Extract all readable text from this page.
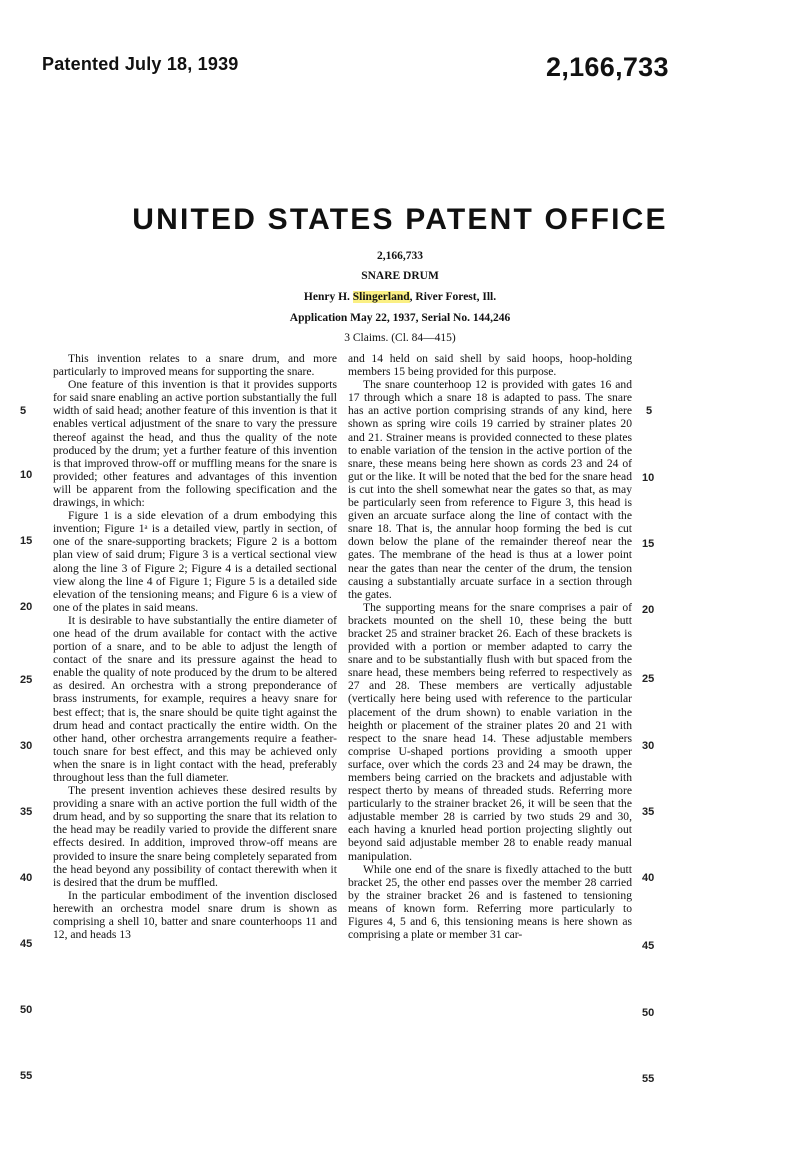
Patented July 18, 1939	2,166,733
UNITED STATES PATENT OFFICE
2,166,733
SNARE DRUM
Henry H. Slingerland, River Forest, Ill.
Application May 22, 1937, Serial No. 144,246
3 Claims. (Cl. 84—415)

This invention relates to a snare drum, and more particularly to improved means for supporting the snare.

One feature of this invention is that it provides supports for said snare enabling an active portion substantially the full width of said head; another feature of this invention is that it enables vertical adjustment of the snare to vary the pressure thereof against the head, and thus the quality of the note produced by the drum; yet a further feature of this invention is that improved throw-off or muffling means for the snare is provided; other features and advantages of this invention will be apparent from the following specification and the drawings, in which:

Figure 1 is a side elevation of a drum embodying this invention; Figure 1ᵃ is a detailed view, partly in section, of one of the snare-supporting brackets; Figure 2 is a bottom plan view of said drum; Figure 3 is a vertical sectional view along the line 3 of Figure 2; Figure 4 is a detailed sectional view along the line 4 of Figure 1; Figure 5 is a detailed side elevation of the tensioning means; and Figure 6 is a view of one of the plates in said means.

It is desirable to have substantially the entire diameter of one head of the drum available for contact with the active portion of a snare, and to be able to adjust the length of contact of the snare and its pressure against the head to enable the quality of note produced by the drum to be altered as desired. An orchestra with a strong preponderance of brass instruments, for example, requires a heavy snare for best effect; that is, the snare should be quite tight against the drum head and contact practically the entire width. On the other hand, other orchestra arrangements require a feather-touch snare for best effect, and this may be achieved only when the snare is in light contact with the head, preferably throughout less than the full diameter.

The present invention achieves these desired results by providing a snare with an active portion the full width of the drum head, and by so supporting the snare that its relation to the head may be readily varied to provide the different snare effects desired. In addition, improved throw-off means are provided to insure the snare being completely separated from the head beyond any possibility of contact therewith when it is desired that the drum be muffled.

In the particular embodiment of the invention disclosed herewith an orchestra model snare drum is shown as comprising a shell 10, batter and snare counterhoops 11 and 12, and heads 13

and 14 held on said shell by said hoops, hoop-holding members 15 being provided for this purpose.

The snare counterhoop 12 is provided with gates 16 and 17 through which a snare 18 is adapted to pass. The snare has an active portion comprising strands of any kind, here shown as spring wire coils 19 carried by strainer plates 20 and 21. Strainer means is provided connected to these plates to enable variation of the tension in the active portion of the snare, these means being here shown as cords 23 and 24 of gut or the like. It will be noted that the bed for the snare head is cut into the shell somewhat near the gates so that, as may be particularly seen from reference to Figure 3, this head is given an arcuate surface along the line of contact with the snare 18. That is, the annular hoop forming the bed is cut down below the plane of the remainder thereof near the gates. The membrane of the head is thus at a lower point near the gates than near the center of the drum, the tension causing a substantially arcuate surface in a section through the gates.

The supporting means for the snare comprises a pair of brackets mounted on the shell 10, these being the butt bracket 25 and strainer bracket 26. Each of these brackets is provided with a portion or member adapted to carry the snare and to be substantially flush with but spaced from the snare head, these members being referred to respectively as 27 and 28. These members are vertically adjustable (vertically here being used with reference to the particular placement of the drum shown) to enable variation in the heighth or placement of the strainer plates 20 and 21 with respect to the snare head 14. These adjustable members comprise U-shaped portions providing a smooth upper surface, over which the cords 23 and 24 may be drawn, the members being carried on the brackets and adjustable with respect therto by means of threaded studs. Referring more particularly to the strainer bracket 26, it will be seen that the adjustable member 28 is carried by two studs 29 and 30, each having a knurled head portion projecting slightly out beyond said adjustable member 28 to enable ready manual manipulation.

While one end of the snare is fixedly attached to the butt bracket 25, the other end passes over the member 28 carried by the strainer bracket 26 and is fastened to tensioning means of known form. Referring more particularly to Figures 4, 5 and 6, this tensioning means is here shown as comprising a plate or member 31 car-

5
10
15
20
25
30
35
40
45
50
55
5
10
15
20
25
30
35
40
45
50
55
